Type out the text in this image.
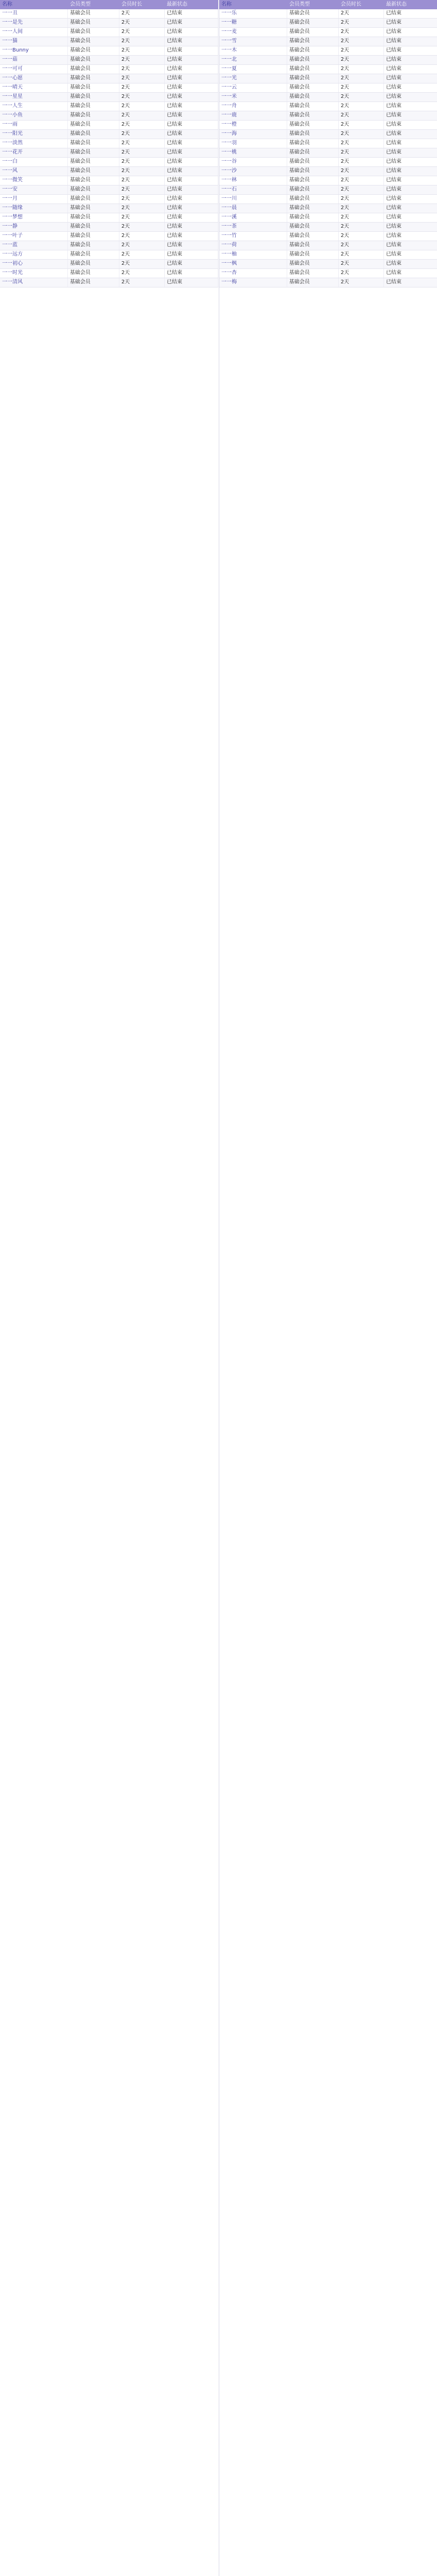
名称	会员类型	会员时长	最新状态
一一丑	基础会员	2天	已结束
一一是先	基础会员	2天	已结束
一一人间	基础会员	2天	已结束
一一猫	基础会员	2天	已结束
一一Bunny	基础会员	2天	已结束
一一菇	基础会员	2天	已结束
一一可可	基础会员	2天	已结束
一一心愿	基础会员	2天	已结束
一一晴天	基础会员	2天	已结束
一一星星	基础会员	2天	已结束
一一人生	基础会员	2天	已结束
一一小鱼	基础会员	2天	已结束
一一雨	基础会员	2天	已结束
一一阳光	基础会员	2天	已结束
一一淡然	基础会员	2天	已结束
一一花开	基础会员	2天	已结束
一一白	基础会员	2天	已结束
一一风	基础会员	2天	已结束
一一微笑	基础会员	2天	已结束
一一安	基础会员	2天	已结束
一一月	基础会员	2天	已结束
一一随缘	基础会员	2天	已结束
一一梦想	基础会员	2天	已结束
一一静	基础会员	2天	已结束
一一叶子	基础会员	2天	已结束
一一蓝	基础会员	2天	已结束
一一远方	基础会员	2天	已结束
一一初心	基础会员	2天	已结束
一一时光	基础会员	2天	已结束
一一清风	基础会员	2天	已结束
名称	会员类型	会员时长	最新状态
一一乐	基础会员	2天	已结束
一一糖	基础会员	2天	已结束
一一麦	基础会员	2天	已结束
一一雪	基础会员	2天	已结束
一一木	基础会员	2天	已结束
一一北	基础会员	2天	已结束
一一夏	基础会员	2天	已结束
一一光	基础会员	2天	已结束
一一云	基础会员	2天	已结束
一一米	基础会员	2天	已结束
一一舟	基础会员	2天	已结束
一一鹿	基础会员	2天	已结束
一一橙	基础会员	2天	已结束
一一海	基础会员	2天	已结束
一一羽	基础会员	2天	已结束
一一桃	基础会员	2天	已结束
一一谷	基础会员	2天	已结束
一一沙	基础会员	2天	已结束
一一林	基础会员	2天	已结束
一一石	基础会员	2天	已结束
一一川	基础会员	2天	已结束
一一晨	基础会员	2天	已结束
一一溪	基础会员	2天	已结束
一一茶	基础会员	2天	已结束
一一竹	基础会员	2天	已结束
一一荷	基础会员	2天	已结束
一一柚	基础会员	2天	已结束
一一枫	基础会员	2天	已结束
一一杏	基础会员	2天	已结束
一一梅	基础会员	2天	已结束
